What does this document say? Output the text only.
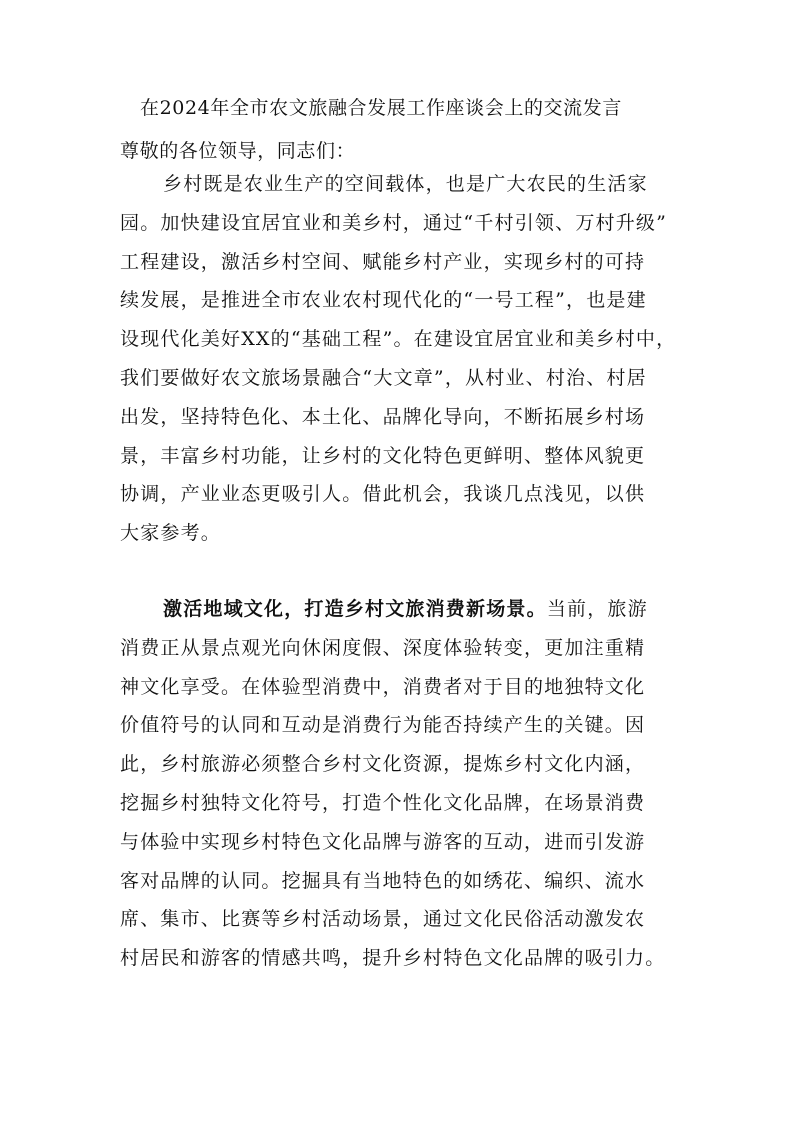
在2024年全市农文旅融合发展工作座谈会上的交流发言
尊敬的各位领导，同志们：
乡村既是农业生产的空间载体，也是广大农民的生活家
园。加快建设宜居宜业和美乡村，通过“千村引领、万村升级”
工程建设，激活乡村空间、赋能乡村产业，实现乡村的可持
续发展，是推进全市农业农村现代化的“一号工程”，也是建
设现代化美好XX的“基础工程”。在建设宜居宜业和美乡村中，
我们要做好农文旅场景融合“大文章”，从村业、村治、村居
出发，坚持特色化、本土化、品牌化导向，不断拓展乡村场
景，丰富乡村功能，让乡村的文化特色更鲜明、整体风貌更
协调，产业业态更吸引人。借此机会，我谈几点浅见，以供
大家参考。
激活地域文化，打造乡村文旅消费新场景。当前，旅游
消费正从景点观光向休闲度假、深度体验转变，更加注重精
神文化享受。在体验型消费中，消费者对于目的地独特文化
价值符号的认同和互动是消费行为能否持续产生的关键。因
此，乡村旅游必须整合乡村文化资源，提炼乡村文化内涵，
挖掘乡村独特文化符号，打造个性化文化品牌，在场景消费
与体验中实现乡村特色文化品牌与游客的互动，进而引发游
客对品牌的认同。挖掘具有当地特色的如绣花、编织、流水
席、集市、比赛等乡村活动场景，通过文化民俗活动激发农
村居民和游客的情感共鸣，提升乡村特色文化品牌的吸引力。
